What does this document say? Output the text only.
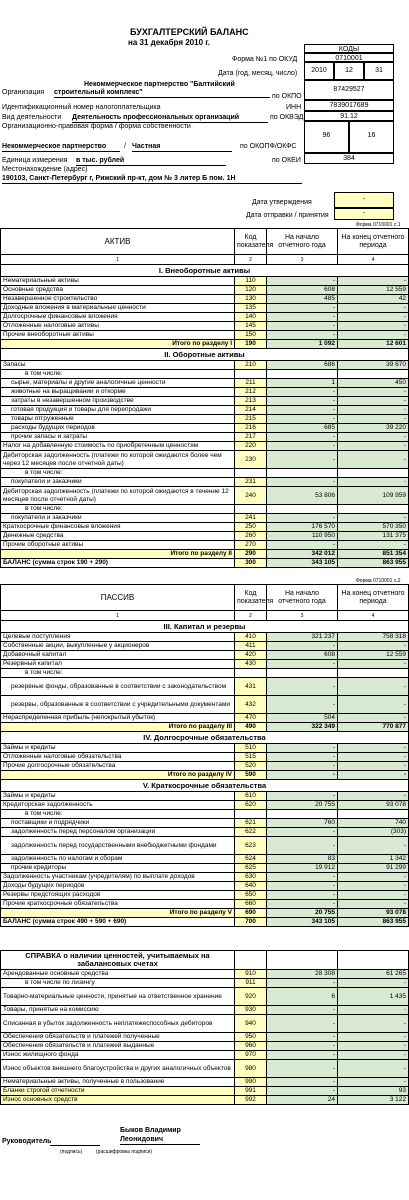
БУХГАЛТЕРСКИЙ БАЛАНС
на 31 декабря 2010 г.
КОДЫ
Форма №1 по ОКУД	0710001
Дата (год, месяц, число)	2010	12	31
Некоммерческое партнерство "Балтийский
Организация строительный комплекс"
по ОКПО
87429527
Идентификационный номер налогоплательщика	ИНН	7839017689
Вид деятельности Деятельность профессиональных организаций	по ОКВЭД	91.12
Организационно-правовая форма / форма собственности
96	16
Некоммерческое партнерство	/ Частная	по ОКОПФ/ОКФС
Единица измерения в тыс. рублей	по ОКЕИ	384
Местонахождение (адрес)
190103, Санкт-Петербург г, Рижский пр-кт, дом № 3 литер Б пом. 1Н
Дата утверждения	-
Дата отправки / принятия	-
Форма 0710001 с.1
АКТИВ	Код показателя	На начало отчетного года	На конец отчетного периода
1	2	3	4
I. Внеоборотные активы			
Нематериальные активы	110	-	-
Основные средства	120	608	12 559
Незавершенное строительство	130	485	42
Доходные вложения в материальные ценности	135	-	-
Долгосрочные финансовые вложения	140	-	-
Отложенные налоговые активы	145	-	-
Прочие внеоборотные активы	150	-	-
Итого по разделу I	190	1 092	12 601
II. Оборотные активы			
Запасы	210	686	39 670
в том числе:			
сырье, материалы и другие аналогичные ценности	211	1	450
животные на выращивании и откорме	212	-	-
затраты в незавершенном производстве	213	-	-
готовая продукция и товары для перепродажи	214	-	-
товары отгруженные	215	-	-
расходы будущих периодов	216	685	39 220
прочие запасы и затраты	217	-	-
Налог на добавленную стоимость по приобретенным ценностям	220	-	-
Дебиторская задолженность (платежи по которой ожидаются более чем через 12 месяцев после отчетной даты)	230	-	-
в том числе:			
покупатели и заказчики	231	-	-
Дебиторская задолженность (платежи по которой ожидаются в течение 12 месяцев после отчетной даты)	240	53 806	109 959
в том числе:			
покупатели и заказчики	241	-	-
Краткосрочные финансовые вложения	250	176 570	570 350
Денежные средства	260	110 950	131 375
Прочие оборотные активы	270	-	-
Итого по разделу II	290	342 012	851 354
БАЛАНС (сумма строк 190 + 290)	300	343 105	863 955
Форма 0710001 с.2
ПАССИВ	Код показателя	На начало отчетного года	На конец отчетного периода
1	2	3	4
III. Капитал и резервы			
Целевые поступления	410	321 237	758 318
Собственные акции, выкупленные у акционеров	411	-	-
Добавочный капитал	420	608	12 559
Резервный капитал	430	-	-
в том числе:			
резервные фонды, образованные в соответствии с законодательством	431	-	-
резервы, образованные в соответствии с учредительными документами	432	-	-
Нераспределенная прибыль (непокрытый убыток)	470	504	-
Итого по разделу III	490	322 349	770 877
IV. Долгосрочные обязательства			
Займы и кредиты	510	-	-
Отложенные налоговые обязательства	515	-	-
Прочие долгосрочные обязательства	520	-	-
Итого по разделу IV	590	-	-
V. Краткосрочные обязательства			
Займы и кредиты	610	-	-
Кредиторская задолженность	620	20 755	93 078
в том числе:			
поставщики и подрядчики	621	760	740
задолженность перед персоналом организации	622	-	(303)
задолженность перед государственными внебюджетными фондами	623	-	-
задолженность по налогам и сборам	624	83	1 342
прочие кредиторы	625	19 912	91 299
Задолженность участникам (учредителям) по выплате доходов	630	-	-
Доходы будущих периодов	640	-	-
Резервы предстоящих расходов	650	-	-
Прочие краткосрочные обязательства	660	-	-
Итого по разделу V	690	20 755	93 078
БАЛАНС (сумма строк 490 + 590 + 690)	700	343 105	863 955
СПРАВКА о наличии ценностей, учитываемых на забалансовых счетах			
Арендованные основные средства	910	28 308	61 265
в том числе по лизингу	911	-	-
Товарно-материальные ценности, принятые на ответственное хранение	920	6	1 435
Товары, принятые на комиссию	930	-	-
Списанная в убыток задолженность неплатежеспособных дебиторов	940	-	-
Обеспечения обязательств и платежей полученные	950	-	-
Обеспечения обязательств и платежей выданные	960	-	-
Износ жилищного фонда	970	-	-
Износ объектов внешнего благоустройства и других аналогичных объектов	980	-	-
Нематериальные активы, полученные в пользование	990	-	-
Бланки строгой отчетности	991	-	93
Износ основных средств	992	24	3 122
Быков Владимир
Руководитель	Леонидович
(подпись)	(расшифровка подписи)
